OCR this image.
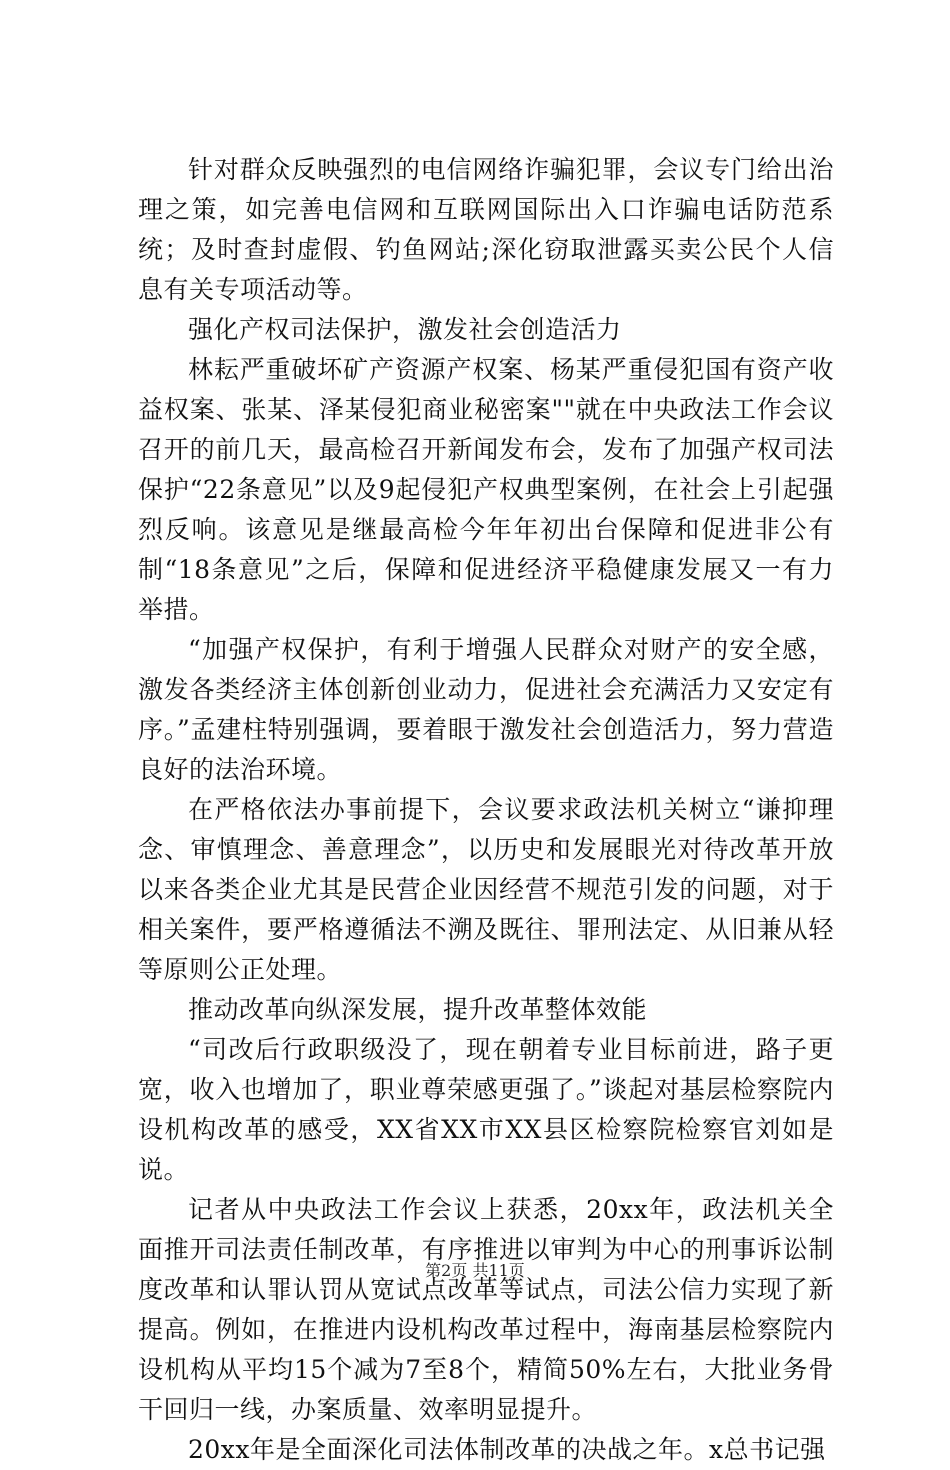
针对群众反映强烈的电信网络诈骗犯罪，会议专门给出治理之策，如完善电信网和互联网国际出入口诈骗电话防范系统；及时查封虚假、钓鱼网站;深化窃取泄露买卖公民个人信息有关专项活动等。

强化产权司法保护，激发社会创造活力

林耘严重破坏矿产资源产权案、杨某严重侵犯国有资产收益权案、张某、泽某侵犯商业秘密案""就在中央政法工作会议召开的前几天，最高检召开新闻发布会，发布了加强产权司法保护“22条意见”以及9起侵犯产权典型案例，在社会上引起强烈反响。该意见是继最高检今年年初出台保障和促进非公有制“18条意见”之后，保障和促进经济平稳健康发展又一有力举措。

“加强产权保护，有利于增强人民群众对财产的安全感，激发各类经济主体创新创业动力，促进社会充满活力又安定有序。”孟建柱特别强调，要着眼于激发社会创造活力，努力营造良好的法治环境。

在严格依法办事前提下，会议要求政法机关树立“谦抑理念、审慎理念、善意理念”，以历史和发展眼光对待改革开放以来各类企业尤其是民营企业因经营不规范引发的问题，对于相关案件，要严格遵循法不溯及既往、罪刑法定、从旧兼从轻等原则公正处理。

推动改革向纵深发展，提升改革整体效能

“司改后行政职级没了，现在朝着专业目标前进，路子更宽，收入也增加了，职业尊荣感更强了。”谈起对基层检察院内设机构改革的感受，XX省XX市XX县区检察院检察官刘如是说。

记者从中央政法工作会议上获悉，20xx年，政法机关全面推开司法责任制改革，有序推进以审判为中心的刑事诉讼制度改革和认罪认罚从宽试点改革等试点，司法公信力实现了新提高。例如，在推进内设机构改革过程中，海南基层检察院内设机构从平均15个减为7至8个，精简50%左右，大批业务骨干回归一线，办案质量、效率明显提升。

20xx年是全面深化司法体制改革的决战之年。x总书记强

第2页 共11页
